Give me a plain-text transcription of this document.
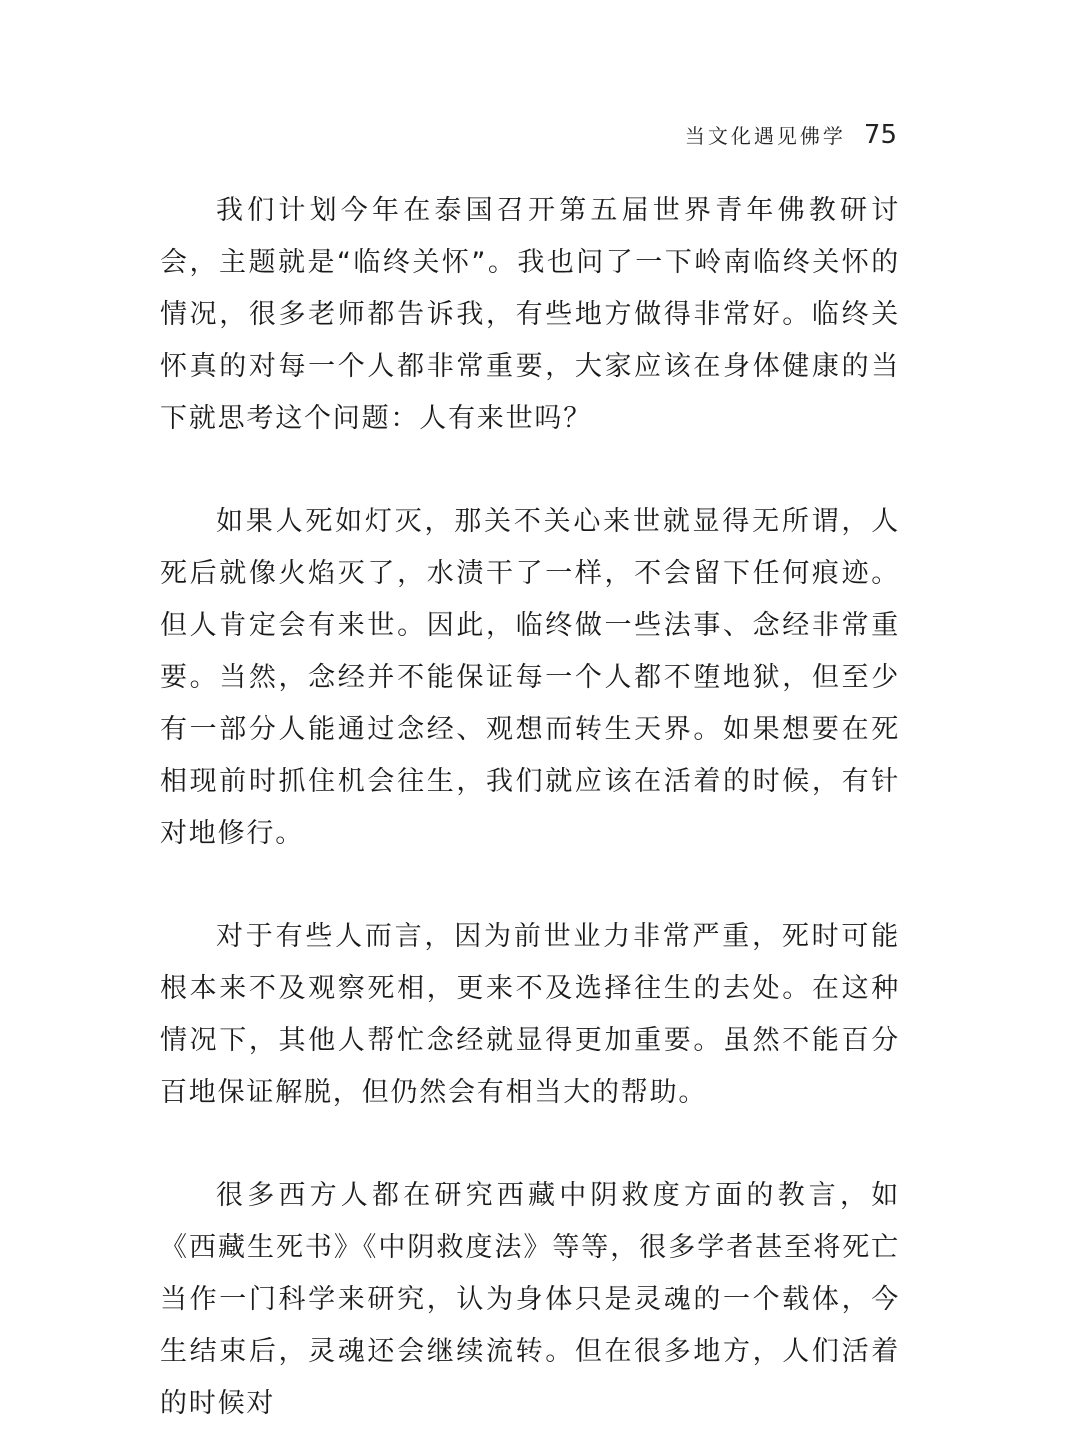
当文化遇见佛学 75

我们计划今年在泰国召开第五届世界青年佛教研讨会，主题就是“临终关怀”。我也问了一下岭南临终关怀的情况，很多老师都告诉我，有些地方做得非常好。临终关怀真的对每一个人都非常重要，大家应该在身体健康的当下就思考这个问题：人有来世吗？

如果人死如灯灭，那关不关心来世就显得无所谓，人死后就像火焰灭了，水渍干了一样，不会留下任何痕迹。但人肯定会有来世。因此，临终做一些法事、念经非常重要。当然，念经并不能保证每一个人都不堕地狱，但至少有一部分人能通过念经、观想而转生天界。如果想要在死相现前时抓住机会往生，我们就应该在活着的时候，有针对地修行。

对于有些人而言，因为前世业力非常严重，死时可能根本来不及观察死相，更来不及选择往生的去处。在这种情况下，其他人帮忙念经就显得更加重要。虽然不能百分百地保证解脱，但仍然会有相当大的帮助。

很多西方人都在研究西藏中阴救度方面的教言，如《西藏生死书》《中阴救度法》等等，很多学者甚至将死亡当作一门科学来研究，认为身体只是灵魂的一个载体，今生结束后，灵魂还会继续流转。但在很多地方，人们活着的时候对
